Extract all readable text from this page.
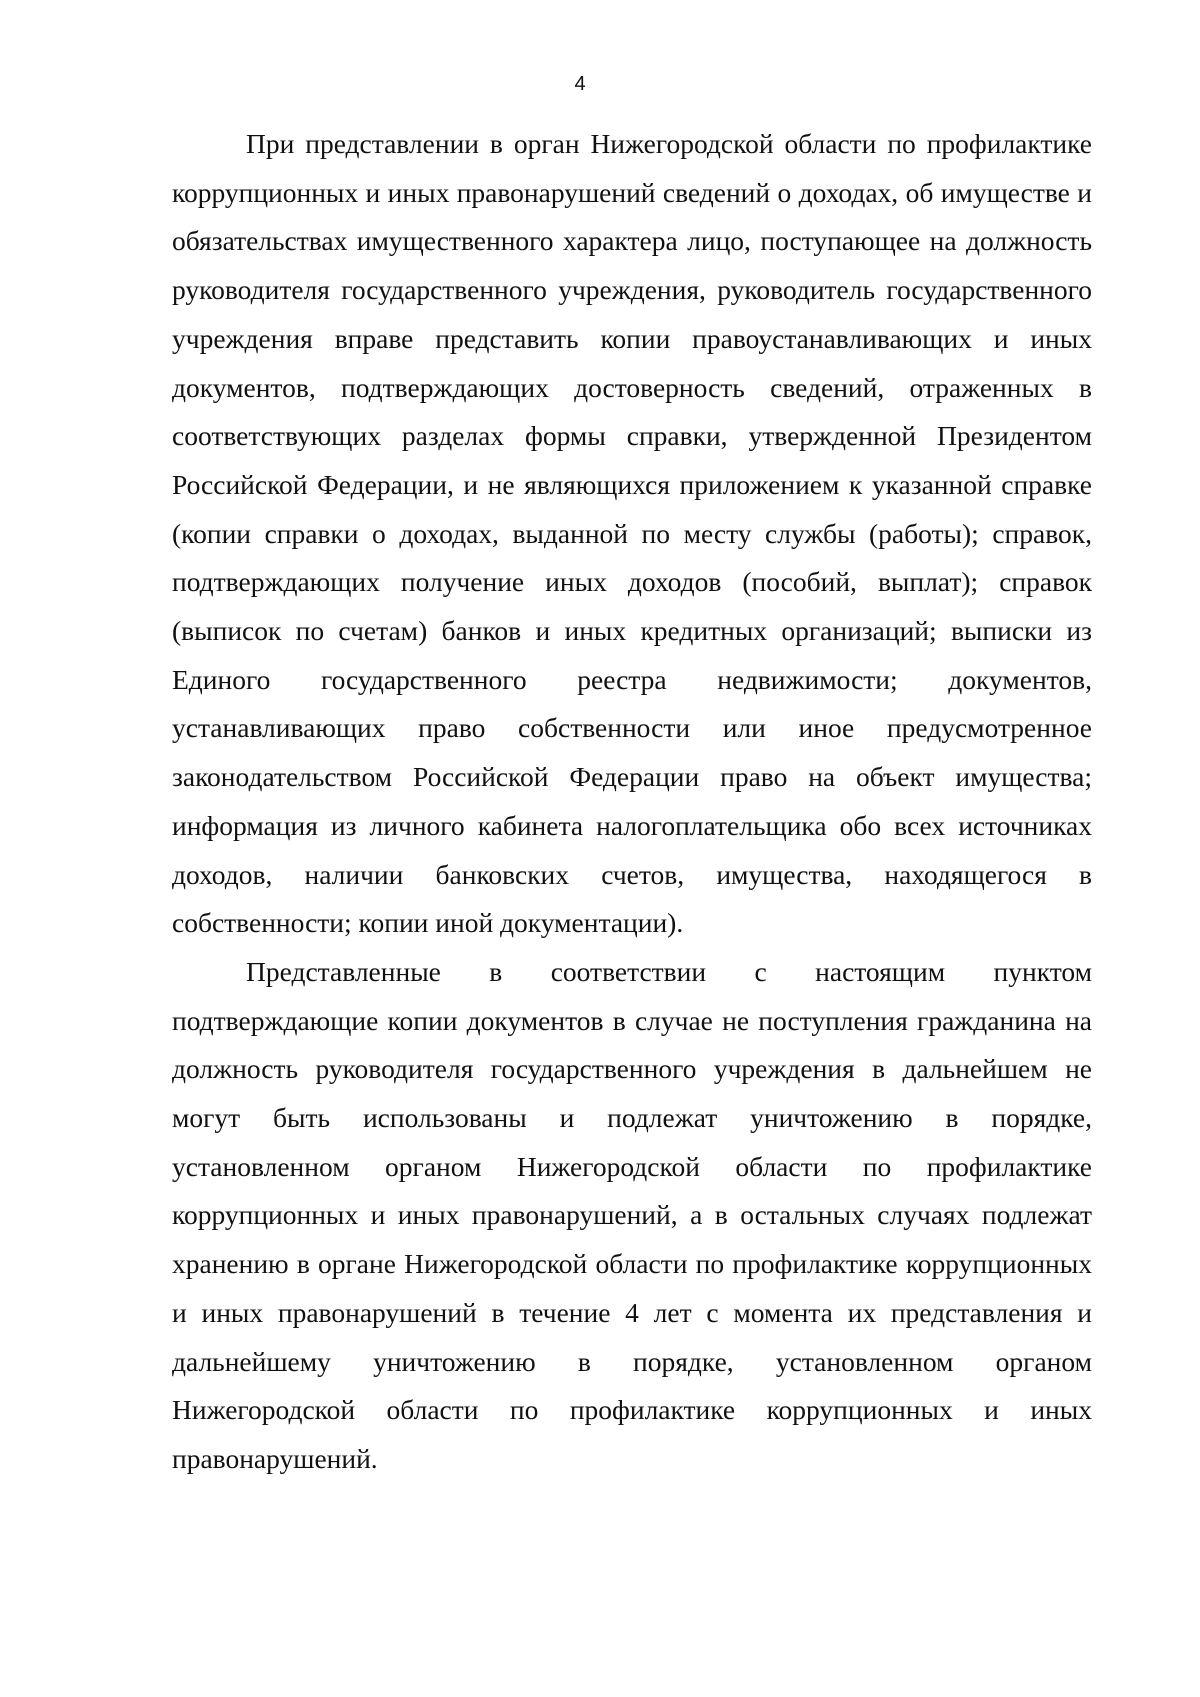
4

При представлении в орган Нижегородской области по профилактике коррупционных и иных правонарушений сведений о доходах, об имуществе и обязательствах имущественного характера лицо, поступающее на должность руководителя государственного учреждения, руководитель государственного учреждения вправе представить копии правоустанавливающих и иных документов, подтверждающих достоверность сведений, отраженных в соответствующих разделах формы справки, утвержденной Президентом Российской Федерации, и не являющихся приложением к указанной справке (копии справки о доходах, выданной по месту службы (работы); справок, подтверждающих получение иных доходов (пособий, выплат); справок (выписок по счетам) банков и иных кредитных организаций; выписки из Единого государственного реестра недвижимости; документов, устанавливающих право собственности или иное предусмотренное законодательством Российской Федерации право на объект имущества; информация из личного кабинета налогоплательщика обо всех источниках доходов, наличии банковских счетов, имущества, находящегося в собственности; копии иной документации).

Представленные в соответствии с настоящим пунктом подтверждающие копии документов в случае не поступления гражданина на должность руководителя государственного учреждения в дальнейшем не могут быть использованы и подлежат уничтожению в порядке, установленном органом Нижегородской области по профилактике коррупционных и иных правонарушений, а в остальных случаях подлежат хранению в органе Нижегородской области по профилактике коррупционных и иных правонарушений в течение 4 лет с момента их представления и дальнейшему уничтожению в порядке, установленном органом Нижегородской области по профилактике коррупционных и иных правонарушений.
